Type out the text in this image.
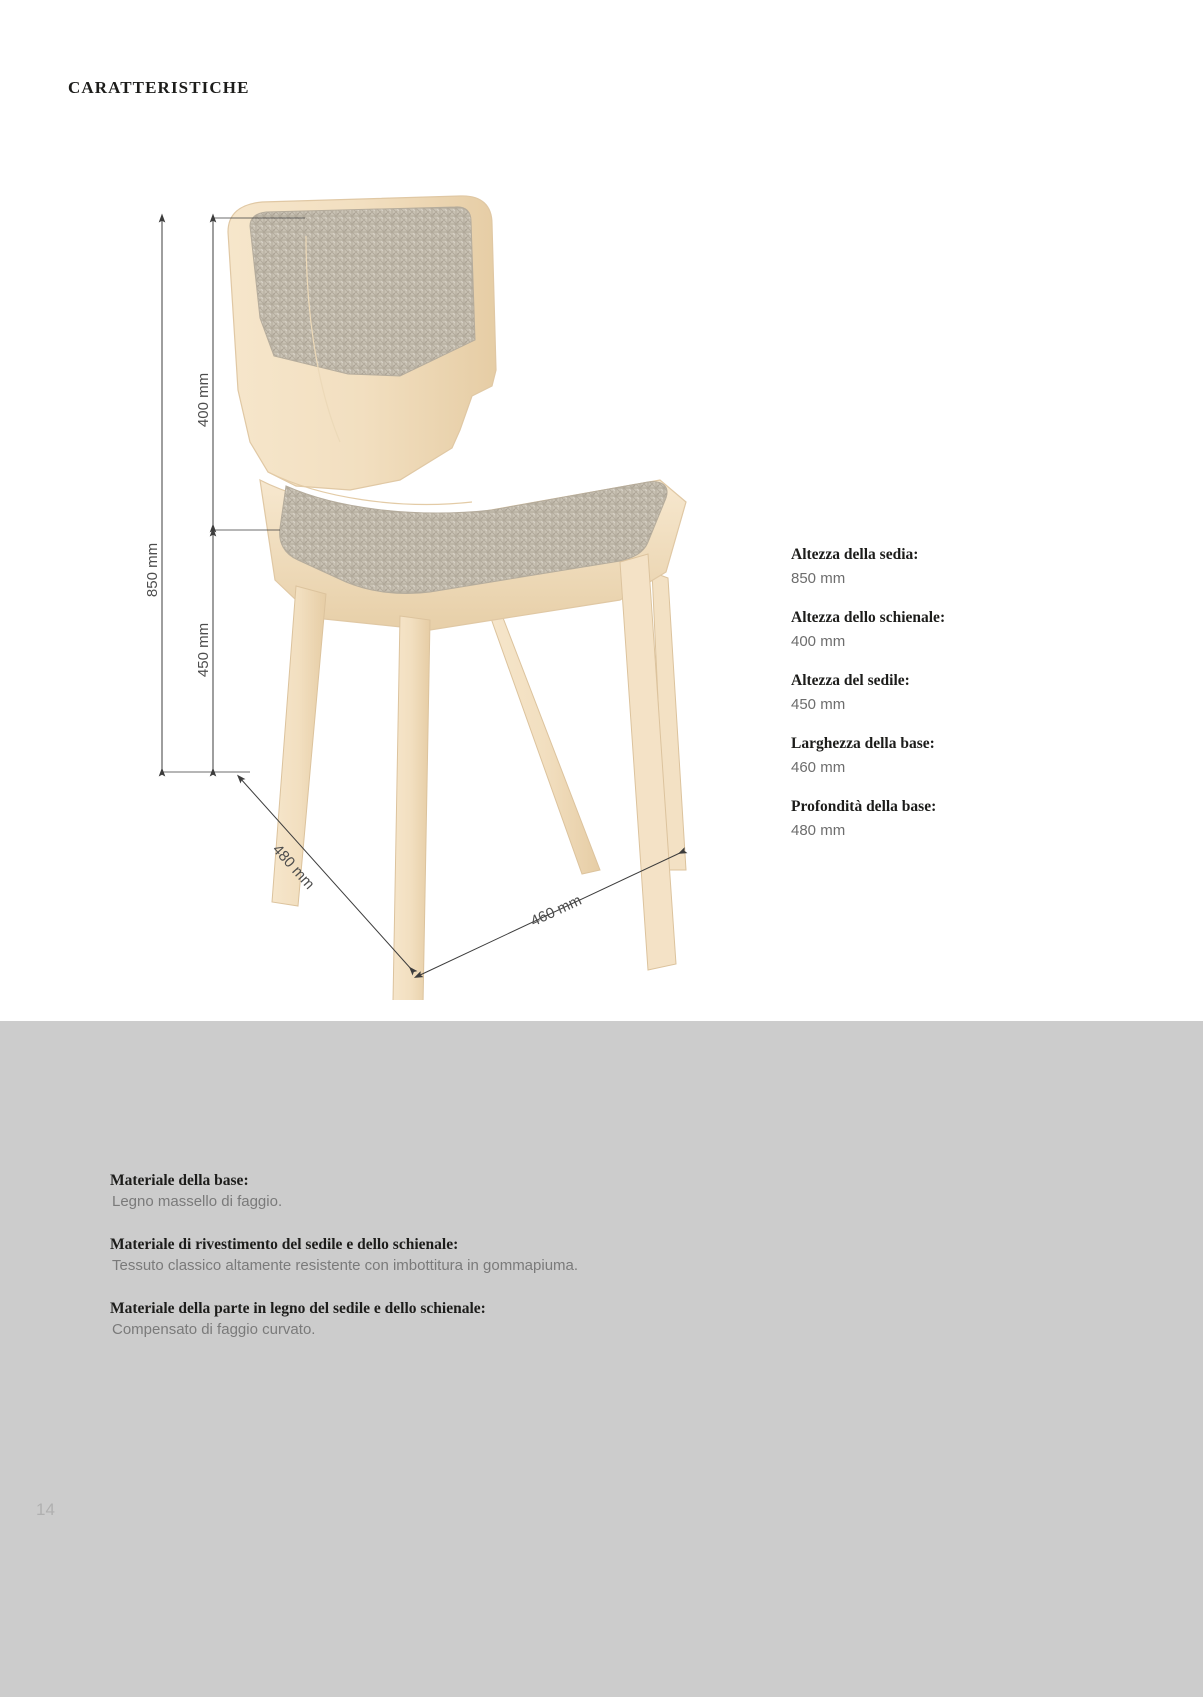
CARATTERISTICHE
400 mm
850 mm
450 mm
480 mm
460 mm
Altezza della sedia:
850 mm
Altezza dello schienale:
400 mm
Altezza del sedile:
450 mm
Larghezza della base:
460 mm
Profondità della base:
480 mm
Materiale della base:
Legno massello di faggio.
Materiale di rivestimento del sedile e dello schienale:
Tessuto classico altamente resistente con imbottitura in gommapiuma.
Materiale della parte in legno del sedile e dello schienale:
Compensato di faggio curvato.
14
